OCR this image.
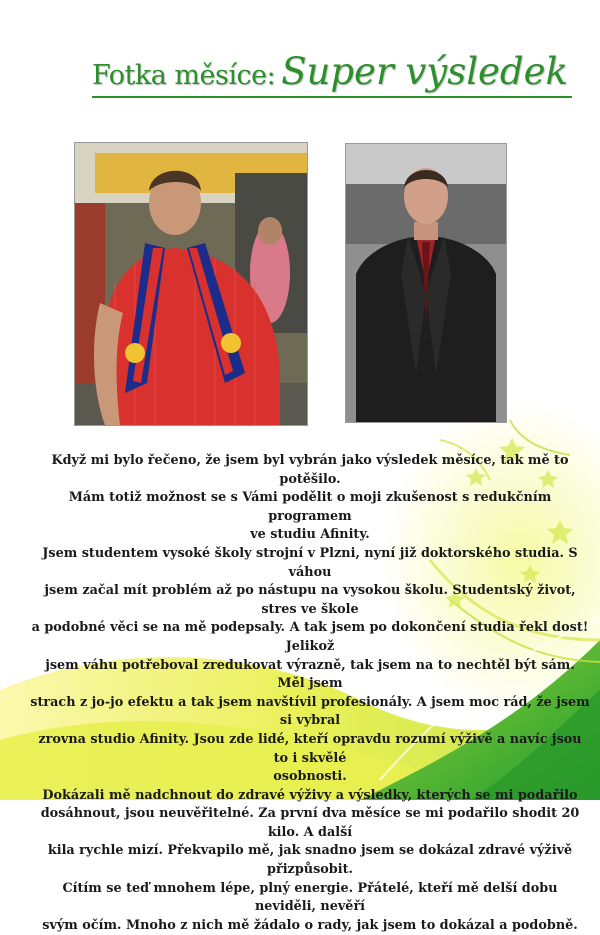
Fotka měsíce: Super výsledek

Když mi bylo řečeno, že jsem byl vybrán jako výsledek měsíce, tak mě to potěšilo.

Mám totiž možnost se s Vámi podělit o moji zkušenost s redukčním programem

ve studiu Afinity.

Jsem studentem vysoké školy strojní v Plzni, nyní již doktorského studia. S váhou

jsem začal mít problém až po nástupu na vysokou školu. Studentský život, stres ve škole

a podobné věci se na mě podepsaly. A tak jsem po dokončení studia řekl dost! Jelikož

jsem váhu potřeboval zredukovat výrazně, tak jsem na to nechtěl být sám. Měl jsem

strach z jo-jo efektu a tak jsem navštívil profesionály. A jsem moc rád, že jsem si vybral

zrovna studio Afinity. Jsou zde lidé, kteří opravdu rozumí výživě a navíc jsou to i skvělé

osobnosti.

Dokázali mě nadchnout do zdravé výživy a výsledky, kterých se mi podařilo

dosáhnout, jsou neuvěřitelné. Za první dva měsíce se mi podařilo shodit 20 kilo. A další

kila rychle mizí. Překvapilo mě, jak snadno jsem se dokázal zdravé výživě přizpůsobit.

Cítím se teď mnohem lépe, plný energie. Přátelé, kteří mě delší dobu neviděli, nevěří

svým očím. Mnoho z nich mě žádalo o rady, jak jsem to dokázal a podobně.
